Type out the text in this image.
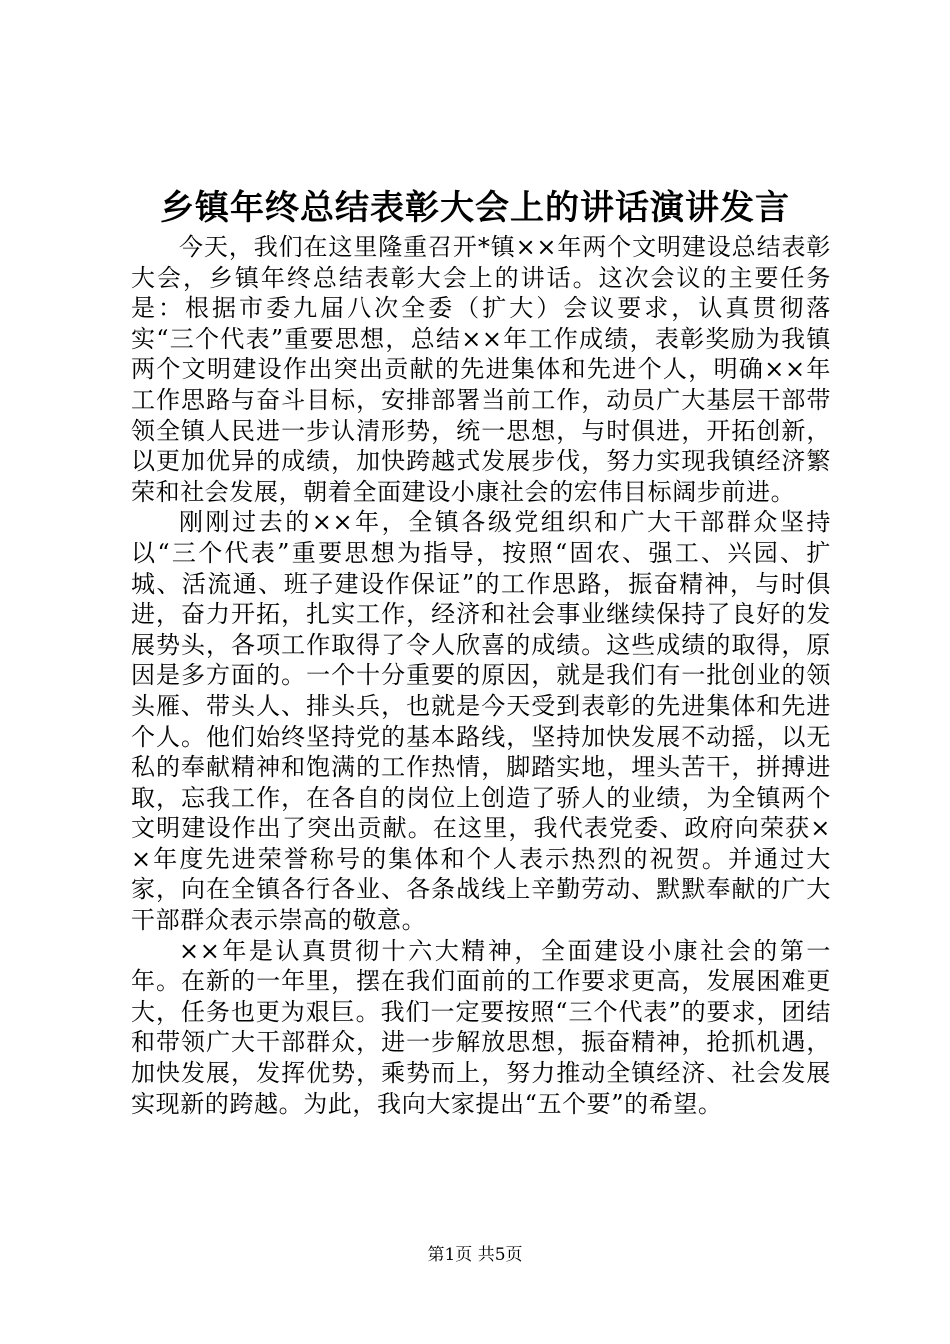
乡镇年终总结表彰大会上的讲话演讲发言

今天，我们在这里隆重召开*镇××年两个文明建设总结表彰大会，乡镇年终总结表彰大会上的讲话。这次会议的主要任务是：根据市委九届八次全委（扩大）会议要求，认真贯彻落实“三个代表”重要思想，总结××年工作成绩，表彰奖励为我镇两个文明建设作出突出贡献的先进集体和先进个人，明确××年工作思路与奋斗目标，安排部署当前工作，动员广大基层干部带领全镇人民进一步认清形势，统一思想，与时俱进，开拓创新，以更加优异的成绩，加快跨越式发展步伐，努力实现我镇经济繁荣和社会发展，朝着全面建设小康社会的宏伟目标阔步前进。

刚刚过去的××年，全镇各级党组织和广大干部群众坚持以“三个代表”重要思想为指导，按照“固农、强工、兴园、扩城、活流通、班子建设作保证”的工作思路，振奋精神，与时俱进，奋力开拓，扎实工作，经济和社会事业继续保持了良好的发展势头，各项工作取得了令人欣喜的成绩。这些成绩的取得，原因是多方面的。一个十分重要的原因，就是我们有一批创业的领头雁、带头人、排头兵，也就是今天受到表彰的先进集体和先进个人。他们始终坚持党的基本路线，坚持加快发展不动摇，以无私的奉献精神和饱满的工作热情，脚踏实地，埋头苦干，拼搏进取，忘我工作，在各自的岗位上创造了骄人的业绩，为全镇两个文明建设作出了突出贡献。在这里，我代表党委、政府向荣获××年度先进荣誉称号的集体和个人表示热烈的祝贺。并通过大家，向在全镇各行各业、各条战线上辛勤劳动、默默奉献的广大干部群众表示崇高的敬意。

××年是认真贯彻十六大精神，全面建设小康社会的第一年。在新的一年里，摆在我们面前的工作要求更高，发展困难更大，任务也更为艰巨。我们一定要按照“三个代表”的要求，团结和带领广大干部群众，进一步解放思想，振奋精神，抢抓机遇，加快发展，发挥优势，乘势而上，努力推动全镇经济、社会发展实现新的跨越。为此，我向大家提出“五个要”的希望。

第1页 共5页
